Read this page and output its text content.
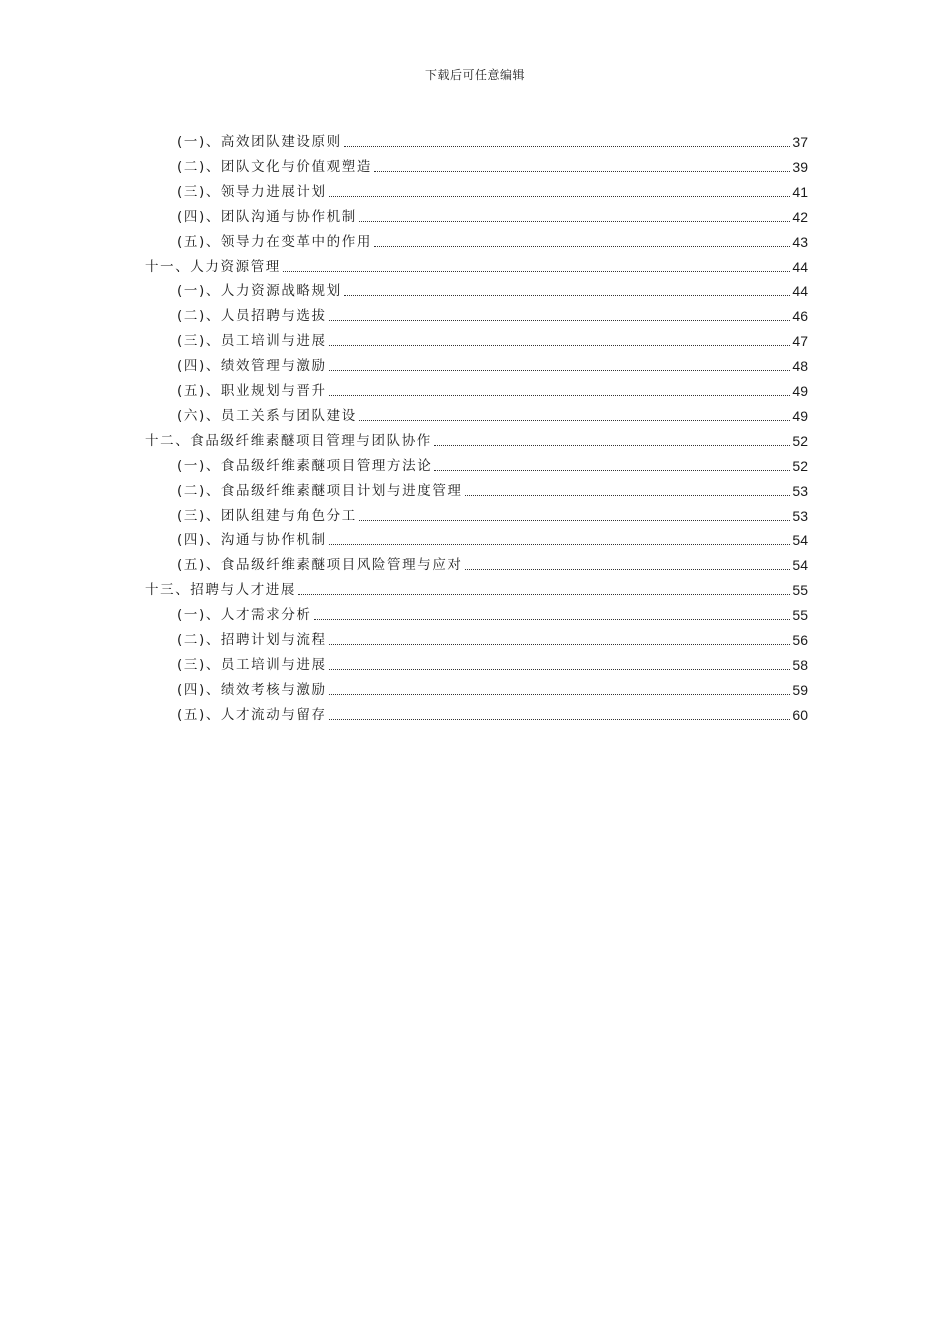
下载后可任意编辑
(一)、高效团队建设原则	37
(二)、团队文化与价值观塑造	39
(三)、领导力进展计划	41
(四)、团队沟通与协作机制	42
(五)、领导力在变革中的作用	43
十一、人力资源管理	44
(一)、人力资源战略规划	44
(二)、人员招聘与选拔	46
(三)、员工培训与进展	47
(四)、绩效管理与激励	48
(五)、职业规划与晋升	49
(六)、员工关系与团队建设	49
十二、食品级纤维素醚项目管理与团队协作	52
(一)、食品级纤维素醚项目管理方法论	52
(二)、食品级纤维素醚项目计划与进度管理	53
(三)、团队组建与角色分工	53
(四)、沟通与协作机制	54
(五)、食品级纤维素醚项目风险管理与应对	54
十三、招聘与人才进展	55
(一)、人才需求分析	55
(二)、招聘计划与流程	56
(三)、员工培训与进展	58
(四)、绩效考核与激励	59
(五)、人才流动与留存	60
